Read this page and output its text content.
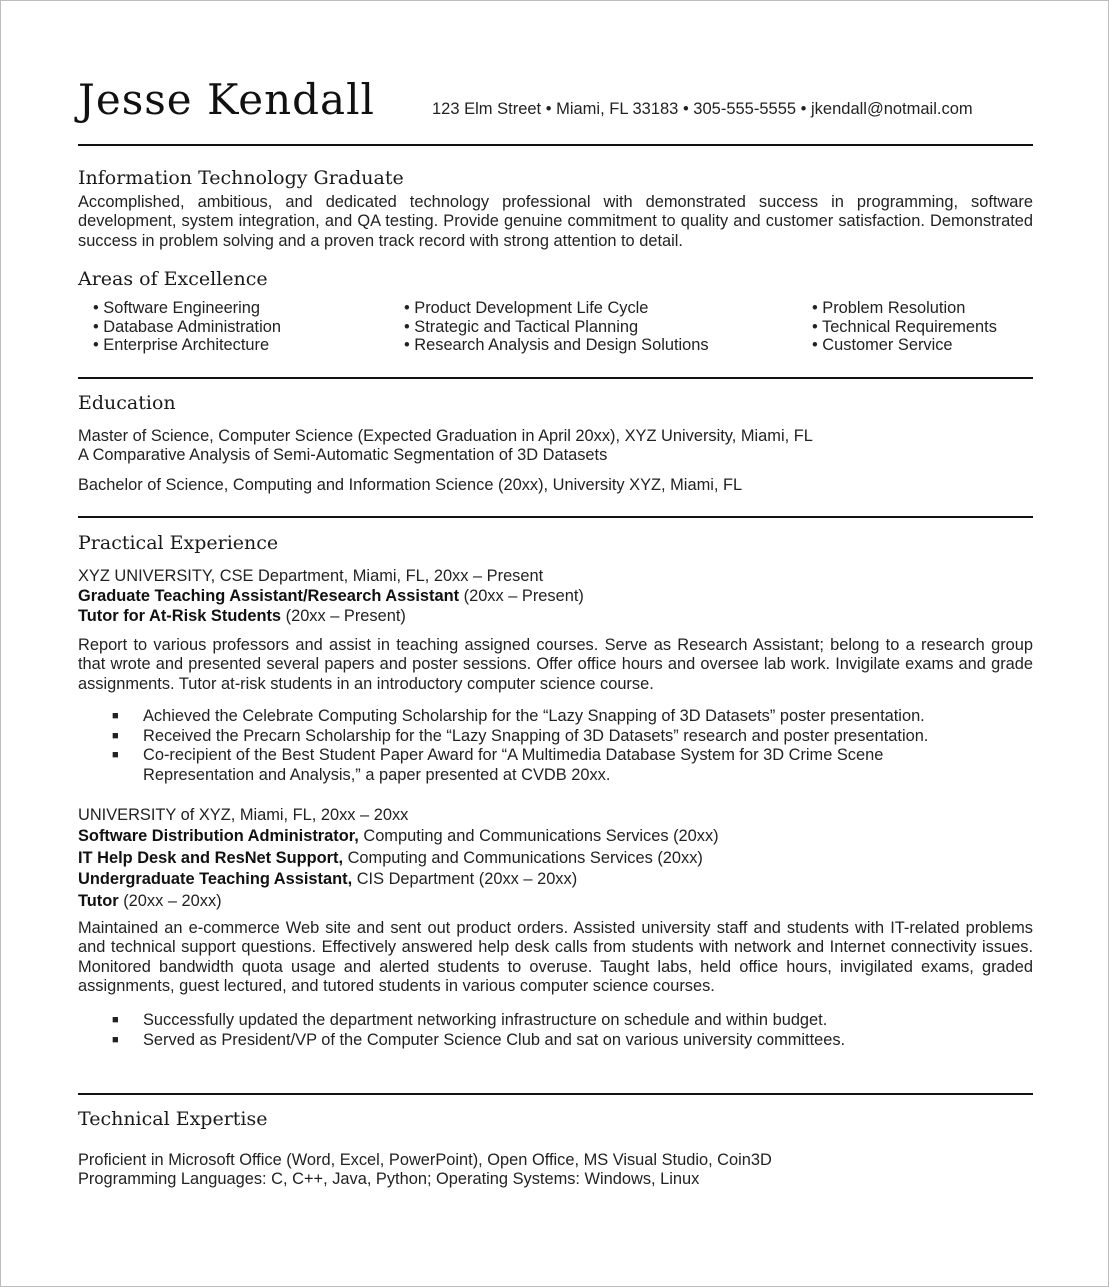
Jesse Kendall	123 Elm Street • Miami, FL 33183 • 305-555-5555 • jkendall@notmail.com
Information Technology Graduate
Accomplished, ambitious, and dedicated technology professional with demonstrated success in programming, software development, system integration, and QA testing. Provide genuine commitment to quality and customer satisfaction. Demonstrated success in problem solving and a proven track record with strong attention to detail.
Areas of Excellence
• Software Engineering
• Database Administration
• Enterprise Architecture
• Product Development Life Cycle
• Strategic and Tactical Planning
• Research Analysis and Design Solutions
• Problem Resolution
• Technical Requirements
• Customer Service
Education
Master of Science, Computer Science (Expected Graduation in April 20xx), XYZ University, Miami, FL
A Comparative Analysis of Semi-Automatic Segmentation of 3D Datasets
Bachelor of Science, Computing and Information Science (20xx), University XYZ, Miami, FL
Practical Experience
XYZ UNIVERSITY, CSE Department, Miami, FL, 20xx – Present
Graduate Teaching Assistant/Research Assistant (20xx – Present)
Tutor for At-Risk Students (20xx – Present)
Report to various professors and assist in teaching assigned courses. Serve as Research Assistant; belong to a research group that wrote and presented several papers and poster sessions. Offer office hours and oversee lab work. Invigilate exams and grade assignments. Tutor at-risk students in an introductory computer science course.
■	Achieved the Celebrate Computing Scholarship for the “Lazy Snapping of 3D Datasets” poster presentation.
■	Received the Precarn Scholarship for the “Lazy Snapping of 3D Datasets” research and poster presentation.
■	Co-recipient of the Best Student Paper Award for “A Multimedia Database System for 3D Crime Scene Representation and Analysis,” a paper presented at CVDB 20xx.
UNIVERSITY of XYZ, Miami, FL, 20xx – 20xx
Software Distribution Administrator, Computing and Communications Services (20xx)
IT Help Desk and ResNet Support, Computing and Communications Services (20xx)
Undergraduate Teaching Assistant, CIS Department (20xx – 20xx)
Tutor (20xx – 20xx)
Maintained an e-commerce Web site and sent out product orders. Assisted university staff and students with IT-related problems and technical support questions. Effectively answered help desk calls from students with network and Internet connectivity issues. Monitored bandwidth quota usage and alerted students to overuse. Taught labs, held office hours, invigilated exams, graded assignments, guest lectured, and tutored students in various computer science courses.
■	Successfully updated the department networking infrastructure on schedule and within budget.
■	Served as President/VP of the Computer Science Club and sat on various university committees.
Technical Expertise
Proficient in Microsoft Office (Word, Excel, PowerPoint), Open Office, MS Visual Studio, Coin3D
Programming Languages: C, C++, Java, Python; Operating Systems: Windows, Linux
